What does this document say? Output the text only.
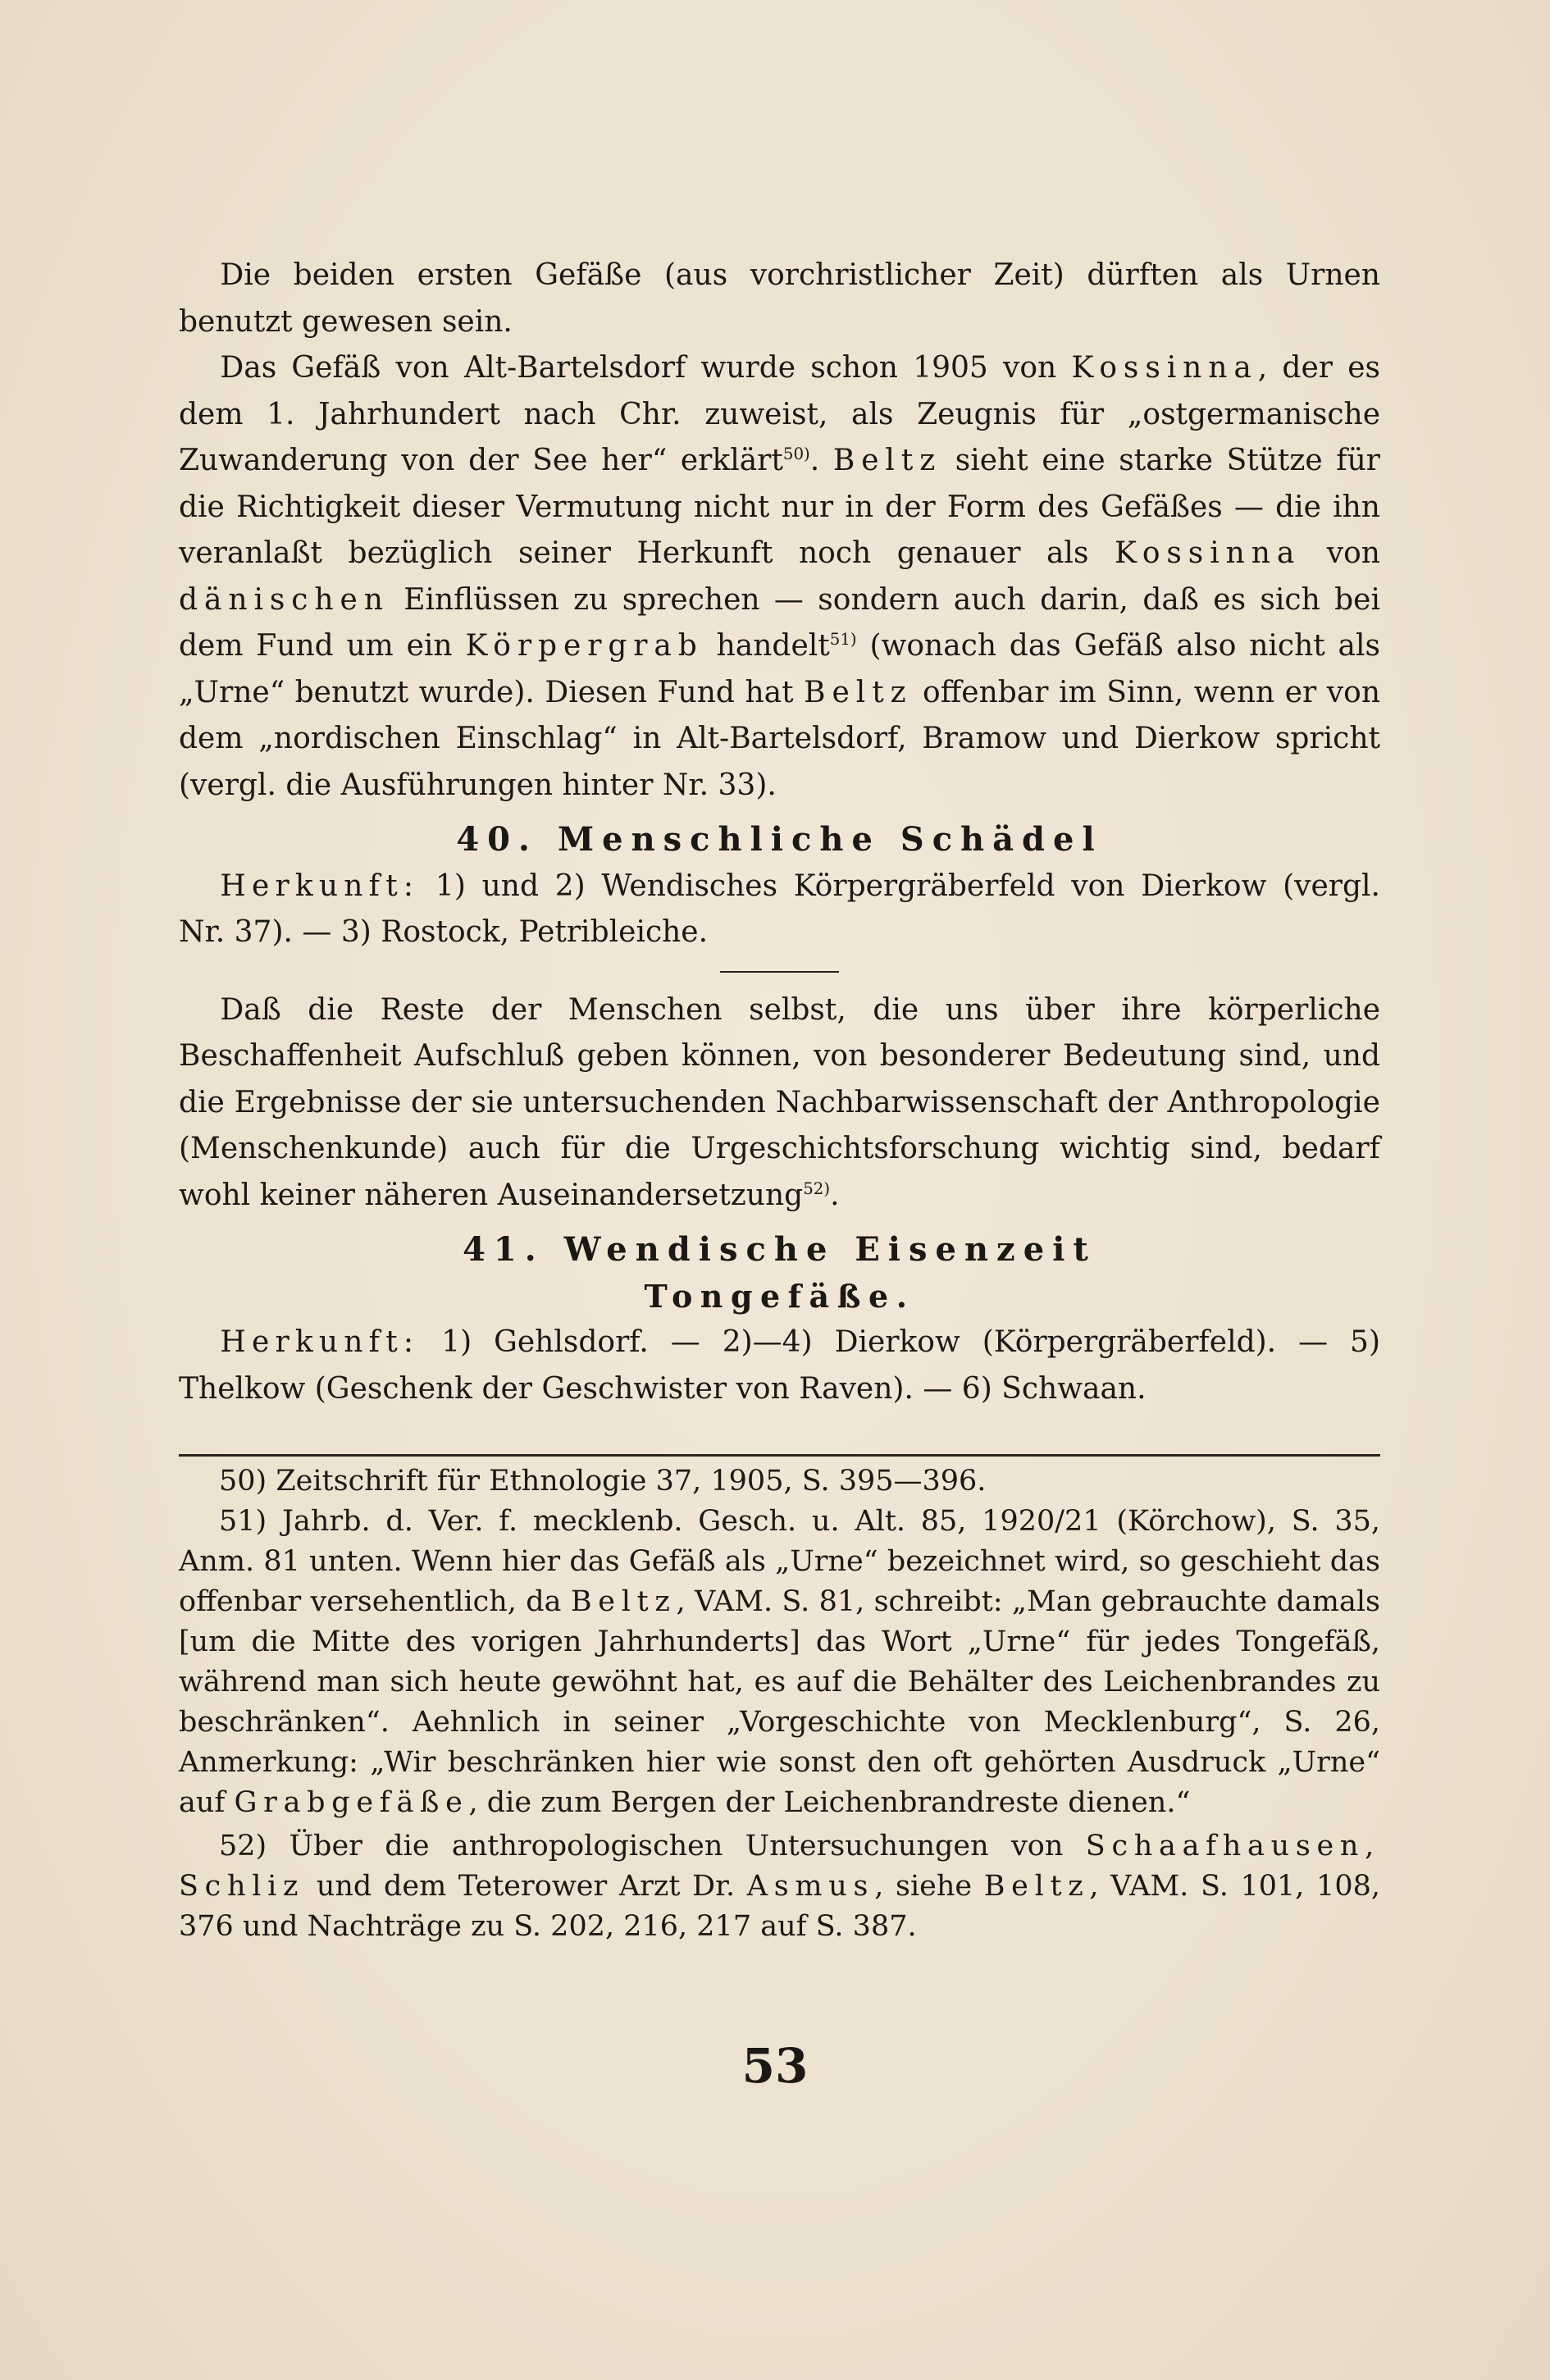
Die beiden ersten Gefäße (aus vorchristlicher Zeit) dürften als Urnen benutzt gewesen sein.

Das Gefäß von Alt-Bartelsdorf wurde schon 1905 von Kossinna, der es dem 1. Jahrhundert nach Chr. zuweist, als Zeugnis für „ostgermanische Zuwanderung von der See her“ erklärt$^{50)}$. Beltz sieht eine starke Stütze für die Richtigkeit dieser Vermutung nicht nur in der Form des Gefäßes — die ihn veranlaßt bezüglich seiner Herkunft noch genauer als Kossinna von dänischen Einflüssen zu sprechen — sondern auch darin, daß es sich bei dem Fund um ein Körpergrab handelt$^{51)}$ (wonach das Gefäß also nicht als „Urne“ benutzt wurde). Diesen Fund hat Beltz offenbar im Sinn, wenn er von dem „nordischen Einschlag“ in Alt-Bartelsdorf, Bramow und Dierkow spricht (vergl. die Ausführungen hinter Nr. 33).

40. Menschliche Schädel

Herkunft: 1) und 2) Wendisches Körpergräberfeld von Dierkow (vergl. Nr. 37). — 3) Rostock, Petribleiche.

Daß die Reste der Menschen selbst, die uns über ihre körperliche Beschaffenheit Aufschluß geben können, von besonderer Bedeutung sind, und die Ergebnisse der sie untersuchenden Nachbarwissenschaft der Anthropologie (Menschenkunde) auch für die Urgeschichtsforschung wichtig sind, bedarf wohl keiner näheren Auseinandersetzung$^{52)}$.

41. Wendische Eisenzeit
Tongefäße.

Herkunft: 1) Gehlsdorf. — 2)—4) Dierkow (Körpergräberfeld). — 5) Thelkow (Geschenk der Geschwister von Raven). — 6) Schwaan.

50) Zeitschrift für Ethnologie 37, 1905, S. 395—396.

51) Jahrb. d. Ver. f. mecklenb. Gesch. u. Alt. 85, 1920/21 (Körchow), S. 35, Anm. 81 unten. Wenn hier das Gefäß als „Urne“ bezeichnet wird, so geschieht das offenbar versehentlich, da Beltz, VAM. S. 81, schreibt: „Man gebrauchte damals [um die Mitte des vorigen Jahrhunderts] das Wort „Urne“ für jedes Tongefäß, während man sich heute gewöhnt hat, es auf die Behälter des Leichenbrandes zu beschränken“. Aehnlich in seiner „Vorgeschichte von Mecklenburg“, S. 26, Anmerkung: „Wir beschränken hier wie sonst den oft gehörten Ausdruck „Urne“ auf Grabgefäße, die zum Bergen der Leichenbrandreste dienen.“

52) Über die anthropologischen Untersuchungen von Schaafhausen, Schliz und dem Teterower Arzt Dr. Asmus, siehe Beltz, VAM. S. 101, 108, 376 und Nachträge zu S. 202, 216, 217 auf S. 387.

53
